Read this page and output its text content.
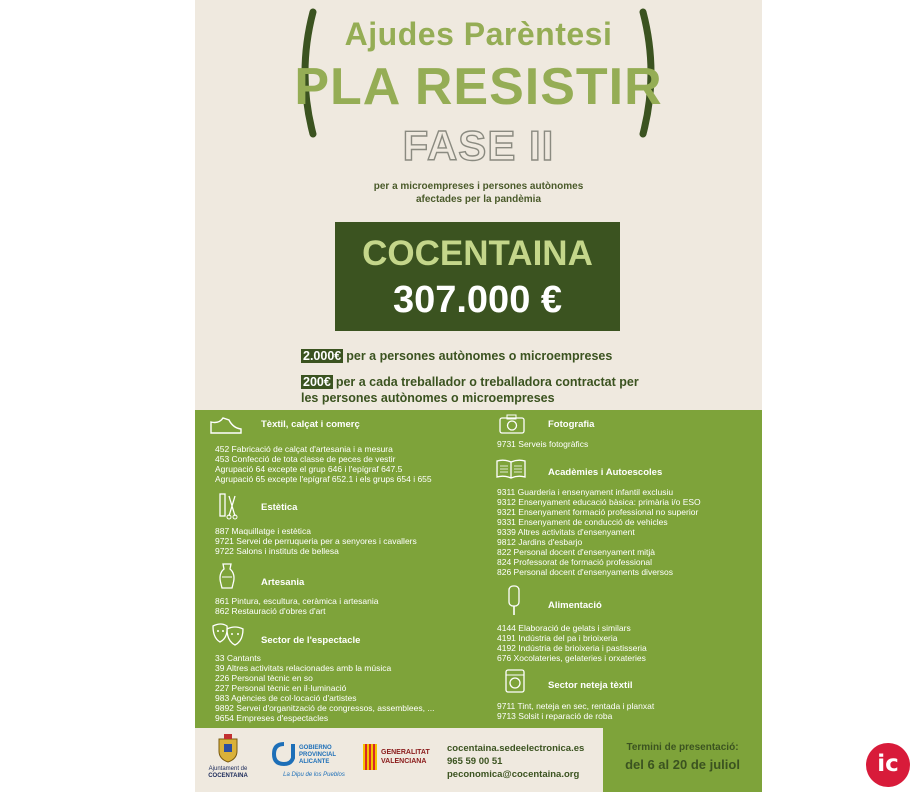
Ajudes Parèntesi
PLA RESISTIR
FASE II
per a microempreses i persones autònomes
afectades per la pandèmia
COCENTAINA
307.000 €
2.000€ per a persones autònomes o microempreses
200€ per a cada treballador o treballadora contractat per
les persones autònomes o microempreses
Tèxtil, calçat i comerç
452 Fabricació de calçat d'artesania i a mesura
453 Confecció de tota classe de peces de vestir
Agrupació 64 excepte el grup 646 i l'epígraf 647.5
Agrupació 65 excepte l'epígraf 652.1 i els grups 654 i 655
Estètica
887 Maquillatge i estètica
9721 Servei de perruqueria per a senyores i cavallers
9722 Salons i instituts de bellesa
Artesania
861 Pintura, escultura, ceràmica i artesania
862 Restauració d'obres d'art
Sector de l'espectacle
33 Cantants
39 Altres activitats relacionades amb la música
226 Personal tècnic en so
227 Personal tècnic en il·luminació
983 Agències de col·locació d'artistes
9892 Servei d'organització de congressos, assemblees, ...
9654 Empreses d'espectacles
Fotografia
9731 Serveis fotogràfics
Acadèmies i Autoescoles
9311 Guarderia i ensenyament infantil exclusiu
9312 Ensenyament educació bàsica: primària i/o ESO
9321 Ensenyament formació professional no superior
9331 Ensenyament de conducció de vehicles
9339 Altres activitats d'ensenyament
9812 Jardins d'esbarjo
822 Personal docent d'ensenyament mitjà
824 Professorat de formació professional
826 Personal docent d'ensenyaments diversos
Alimentació
4144 Elaboració de gelats i similars
4191 Indústria del pa i brioixeria
4192 Indústria de brioixeria i pastisseria
676 Xocolateries, gelateries i orxateries
Sector neteja tèxtil
9711 Tint, neteja en sec, rentada i planxat
9713 Solsit i reparació de roba
Ajuntament de
COCENTAINA
GOBIERNO
PROVINCIAL
ALICANTE
La Dipu de los Pueblos
GENERALITAT
VALENCIANA
cocentaina.sedeelectronica.es
965 59 00 51
peconomica@cocentaina.org
Termini de presentació:
del 6 al 20 de juliol	ic
